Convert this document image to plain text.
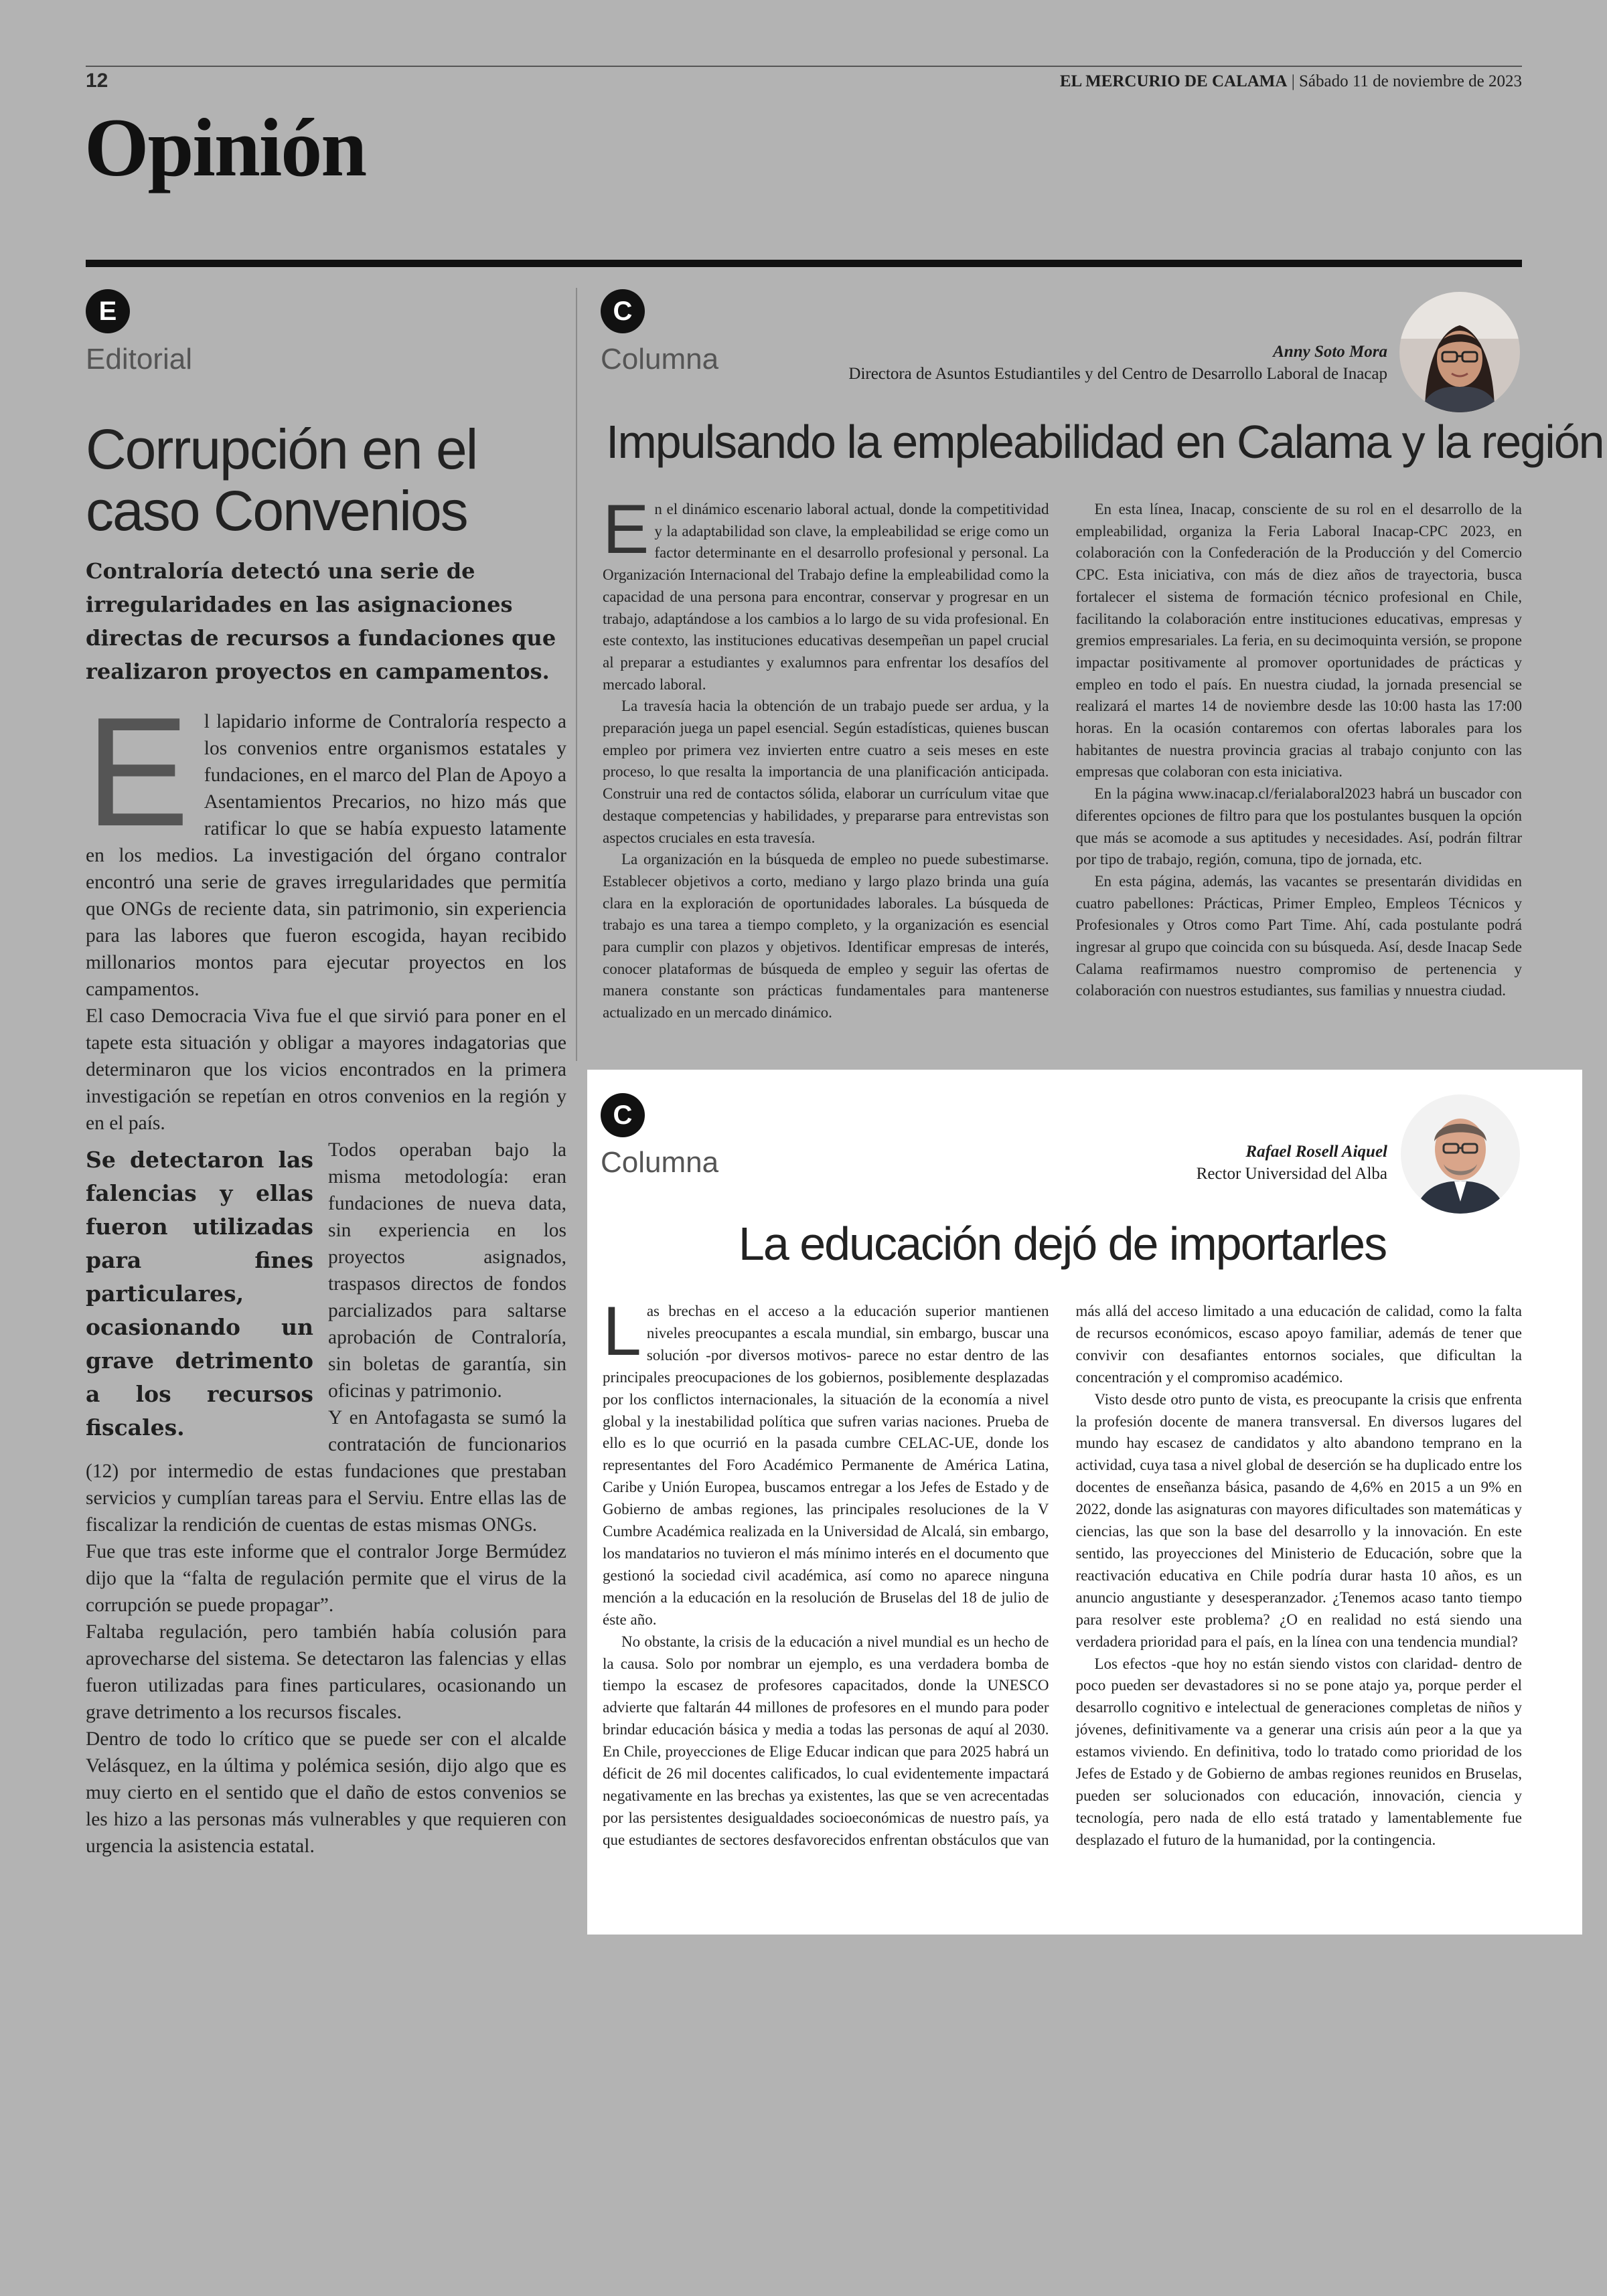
12	EL MERCURIO DE CALAMA | Sábado 11 de noviembre de 2023
Opinión
E
Editorial
Corrupción en el
caso Convenios
Contraloría detectó una serie de irregularidades en las asignaciones directas de recursos a fundaciones que realizaron proyectos en campamentos.
E l lapidario informe de Contraloría respecto a los convenios entre organismos estatales y fundaciones, en el marco del Plan de Apoyo a Asentamientos Precarios, no hizo más que ratificar lo que se había expuesto latamente en los medios. La investigación del órgano contralor encontró una serie de graves irregularidades que permitía que ONGs de reciente data, sin patrimonio, sin experiencia para las labores que fueron escogida, hayan recibido millonarios montos para ejecutar proyectos en los campamentos.

El caso Democracia Viva fue el que sirvió para poner en el tapete esta situación y obligar a mayores indagatorias que determinaron que los vicios encontrados en la primera investigación se repetían en otros convenios en la región y en el país.

Se detectaron las falencias y ellas fueron utilizadas para fines particulares, ocasionando un grave detrimento a los recursos fiscales.

Todos operaban bajo la misma metodología: eran fundaciones de nueva data, sin experiencia en los proyectos asignados, traspasos directos de fondos parcializados para saltarse aprobación de Contraloría, sin boletas de garantía, sin oficinas y patrimonio.

Y en Antofagasta se sumó la contratación de funcionarios (12) por intermedio de estas fundaciones que prestaban servicios y cumplían tareas para el Serviu. Entre ellas las de fiscalizar la rendición de cuentas de estas mismas ONGs.

Fue que tras este informe que el contralor Jorge Bermúdez dijo que la “falta de regulación permite que el virus de la corrupción se puede propagar”.

Faltaba regulación, pero también había colusión para aprovecharse del sistema. Se detectaron las falencias y ellas fueron utilizadas para fines particulares, ocasionando un grave detrimento a los recursos fiscales.

Dentro de todo lo crítico que se puede ser con el alcalde Velásquez, en la última y polémica sesión, dijo algo que es muy cierto en el sentido que el daño de estos convenios se les hizo a las personas más vulnerables y que requieren con urgencia la asistencia estatal.

C
Columna	Anny Soto Mora
Directora de Asuntos Estudiantiles y del Centro de Desarrollo Laboral de Inacap
Impulsando la empleabilidad en Calama y la región

En el dinámico escenario laboral actual, donde la competitividad y la adaptabilidad son clave, la empleabilidad se erige como un factor determinante en el desarrollo profesional y personal. La Organización Internacional del Trabajo define la empleabilidad como la capacidad de una persona para encontrar, conservar y progresar en un trabajo, adaptándose a los cambios a lo largo de su vida profesional. En este contexto, las instituciones educativas desempeñan un papel crucial al preparar a estudiantes y exalumnos para enfrentar los desafíos del mercado laboral.

La travesía hacia la obtención de un trabajo puede ser ardua, y la preparación juega un papel esencial. Según estadísticas, quienes buscan empleo por primera vez invierten entre cuatro a seis meses en este proceso, lo que resalta la importancia de una planificación anticipada. Construir una red de contactos sólida, elaborar un currículum vitae que destaque competencias y habilidades, y prepararse para entrevistas son aspectos cruciales en esta travesía.

La organización en la búsqueda de empleo no puede subestimarse. Establecer objetivos a corto, mediano y largo plazo brinda una guía clara en la exploración de oportunidades laborales. La búsqueda de trabajo es una tarea a tiempo completo, y la organización es esencial para cumplir con plazos y objetivos. Identificar empresas de interés, conocer plataformas de búsqueda de empleo y seguir las ofertas de manera constante son prácticas fundamentales para mantenerse actualizado en un mercado dinámico.

En esta línea, Inacap, consciente de su rol en el desarrollo de la empleabilidad, organiza la Feria Laboral Inacap-CPC 2023, en colaboración con la Confederación de la Producción y del Comercio CPC. Esta iniciativa, con más de diez años de trayectoria, busca fortalecer el sistema de formación técnico profesional en Chile, facilitando la colaboración entre instituciones educativas, empresas y gremios empresariales. La feria, en su decimoquinta versión, se propone impactar positivamente al promover oportunidades de prácticas y empleo en todo el país. En nuestra ciudad, la jornada presencial se realizará el martes 14 de noviembre desde las 10:00 hasta las 17:00 horas. En la ocasión contaremos con ofertas laborales para los habitantes de nuestra provincia gracias al trabajo conjunto con las empresas que colaboran con esta iniciativa.

En la página www.inacap.cl/ferialaboral2023 habrá un buscador con diferentes opciones de filtro para que los postulantes busquen la opción que más se acomode a sus aptitudes y necesidades. Así, podrán filtrar por tipo de trabajo, región, comuna, tipo de jornada, etc.

En esta página, además, las vacantes se presentarán divididas en cuatro pabellones: Prácticas, Primer Empleo, Empleos Técnicos y Profesionales y Otros como Part Time. Ahí, cada postulante podrá ingresar al grupo que coincida con su búsqueda. Así, desde Inacap Sede Calama reafirmamos nuestro compromiso de pertenencia y colaboración con nuestros estudiantes, sus familias y nnuestra ciudad.

C
Columna	Rafael Rosell Aiquel
Rector Universidad del Alba
La educación dejó de importarles

Las brechas en el acceso a la educación superior mantienen niveles preocupantes a escala mundial, sin embargo, buscar una solución -por diversos motivos- parece no estar dentro de las principales preocupaciones de los gobiernos, posiblemente desplazadas por los conflictos internacionales, la situación de la economía a nivel global y la inestabilidad política que sufren varias naciones. Prueba de ello es lo que ocurrió en la pasada cumbre CELAC-UE, donde los representantes del Foro Académico Permanente de América Latina, Caribe y Unión Europea, buscamos entregar a los Jefes de Estado y de Gobierno de ambas regiones, las principales resoluciones de la V Cumbre Académica realizada en la Universidad de Alcalá, sin embargo, los mandatarios no tuvieron el más mínimo interés en el documento que gestionó la sociedad civil académica, así como no aparece ninguna mención a la educación en la resolución de Bruselas del 18 de julio de éste año.

No obstante, la crisis de la educación a nivel mundial es un hecho de la causa. Solo por nombrar un ejemplo, es una verdadera bomba de tiempo la escasez de profesores capacitados, donde la UNESCO advierte que faltarán 44 millones de profesores en el mundo para poder brindar educación básica y media a todas las personas de aquí al 2030. En Chile, proyecciones de Elige Educar indican que para 2025 habrá un déficit de 26 mil docentes calificados, lo cual evidentemente impactará negativamente en las brechas ya existentes, las que se ven acrecentadas por las persistentes desigualdades socioeconómicas de nuestro país, ya que estudiantes de sectores desfavorecidos enfrentan obstáculos que van más allá del acceso limitado a una educación de calidad, como la falta de recursos económicos, escaso apoyo familiar, además de tener que convivir con desafiantes entornos sociales, que dificultan la concentración y el compromiso académico.

Visto desde otro punto de vista, es preocupante la crisis que enfrenta la profesión docente de manera transversal. En diversos lugares del mundo hay escasez de candidatos y alto abandono temprano en la actividad, cuya tasa a nivel global de deserción se ha duplicado entre los docentes de enseñanza básica, pasando de 4,6% en 2015 a un 9% en 2022, donde las asignaturas con mayores dificultades son matemáticas y ciencias, las que son la base del desarrollo y la innovación. En este sentido, las proyecciones del Ministerio de Educación, sobre que la reactivación educativa en Chile podría durar hasta 10 años, es un anuncio angustiante y desesperanzador. ¿Tenemos acaso tanto tiempo para resolver este problema? ¿O en realidad no está siendo una verdadera prioridad para el país, en la línea con una tendencia mundial?

Los efectos -que hoy no están siendo vistos con claridad- dentro de poco pueden ser devastadores si no se pone atajo ya, porque perder el desarrollo cognitivo e intelectual de generaciones completas de niños y jóvenes, definitivamente va a generar una crisis aún peor a la que ya estamos viviendo. En definitiva, todo lo tratado como prioridad de los Jefes de Estado y de Gobierno de ambas regiones reunidos en Bruselas, pueden ser solucionados con educación, innovación, ciencia y tecnología, pero nada de ello está tratado y lamentablemente fue desplazado el futuro de la humanidad, por la contingencia.
